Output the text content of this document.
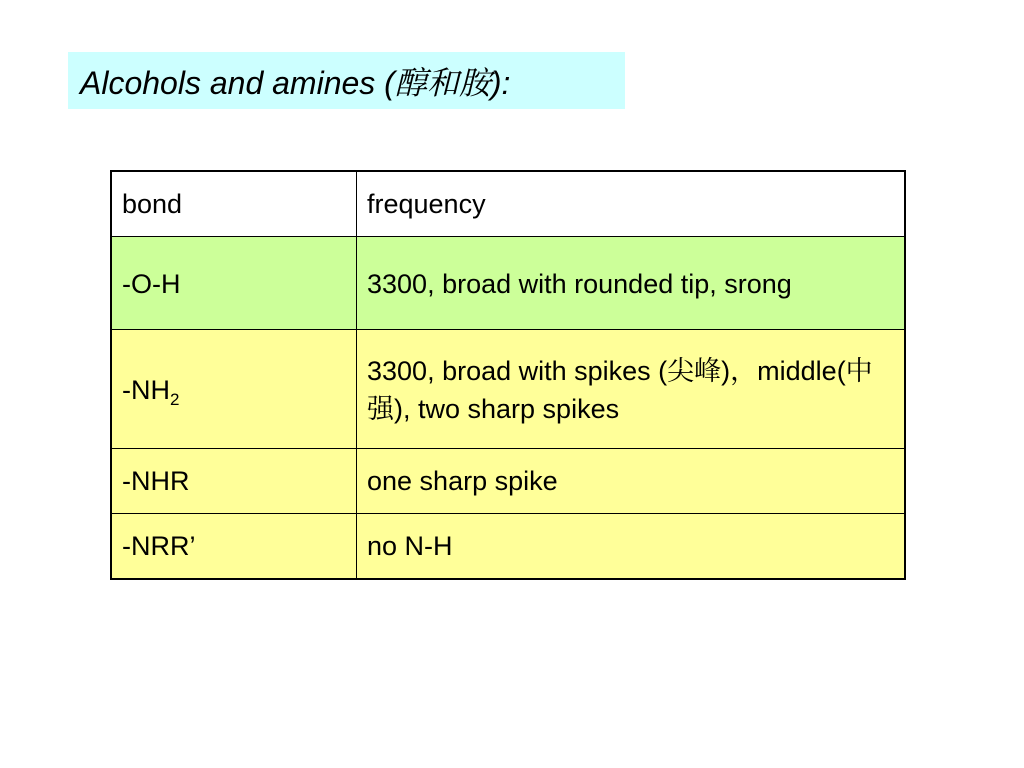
Alcohols and amines (醇和胺):
bond	frequency
-O-H	3300, broad with rounded tip, srong
$-NH_2$	3300, broad with spikes (尖峰)，middle(中强), two sharp spikes
-NHR	one sharp spike
-NRR’	no N-H
